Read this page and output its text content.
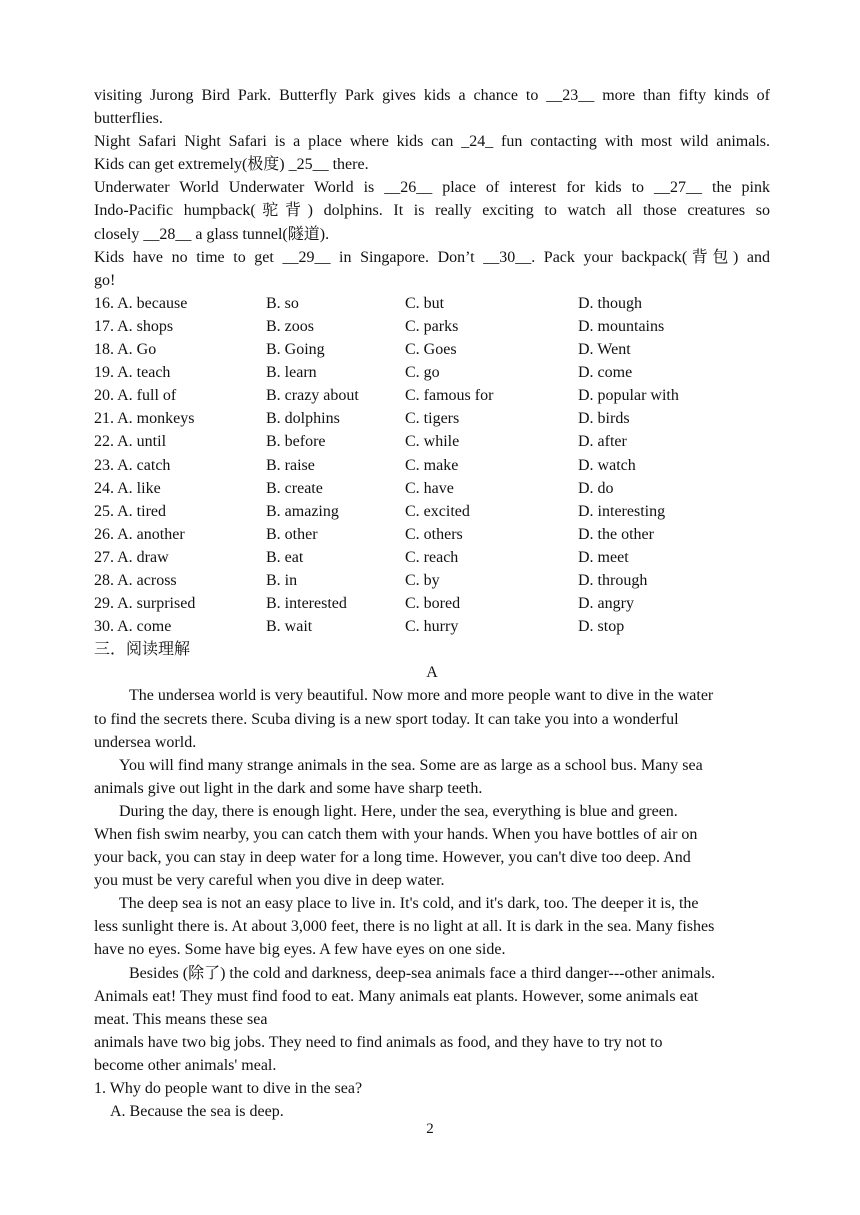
visiting Jurong Bird Park. Butterfly Park gives kids a chance to __23__ more than fifty kinds of
butterflies.
Night Safari Night Safari is a place where kids can _24_ fun contacting with most wild animals.
Kids can get extremely(极度) _25__ there.
Underwater World Underwater World is __26__ place of interest for kids to __27__ the pink
Indo-Pacific humpback(驼背) dolphins. It is really exciting to watch all those creatures so
closely __28__ a glass tunnel(隧道).
Kids have no time to get __29__ in Singapore. Don’t __30__. Pack your backpack(背包) and
go!
16. A. because	B. so	C. but	D. though
17. A. shops	B. zoos	C. parks	D. mountains
18. A. Go	B. Going	C. Goes	D. Went
19. A. teach	B. learn	C. go	D. come
20. A. full of	B. crazy about	C. famous for	D. popular with
21. A. monkeys	B. dolphins	C. tigers	D. birds
22. A. until	B. before	C. while	D. after
23. A. catch	B. raise	C. make	D. watch
24. A. like	B. create	C. have	D. do
25. A. tired	B. amazing	C. excited	D. interesting
26. A. another	B. other	C. others	D. the other
27. A. draw	B. eat	C. reach	D. meet
28. A. across	B. in	C. by	D. through
29. A. surprised	B. interested	C. bored	D. angry
30. A. come	B. wait	C. hurry	D. stop
三．阅读理解
A
The undersea world is very beautiful. Now more and more people want to dive in the water
to find the secrets there. Scuba diving is a new sport today. It can take you into a wonderful
undersea world.
You will find many strange animals in the sea. Some are as large as a school bus. Many sea
animals give out light in the dark and some have sharp teeth.
During the day, there is enough light. Here, under the sea, everything is blue and green.
When fish swim nearby, you can catch them with your hands. When you have bottles of air on
your back, you can stay in deep water for a long time. However, you can't dive too deep. And
you must be very careful when you dive in deep water.
The deep sea is not an easy place to live in. It's cold, and it's dark, too. The deeper it is, the
less sunlight there is. At about 3,000 feet, there is no light at all. It is dark in the sea. Many fishes
have no eyes. Some have big eyes. A few have eyes on one side.
Besides (除了) the cold and darkness, deep-sea animals face a third danger---other animals.
Animals eat! They must find food to eat. Many animals eat plants. However, some animals eat
meat. This means these sea
animals have two big jobs. They need to find animals as food, and they have to try not to
become other animals' meal.
1. Why do people want to dive in the sea?
A. Because the sea is deep.
2
